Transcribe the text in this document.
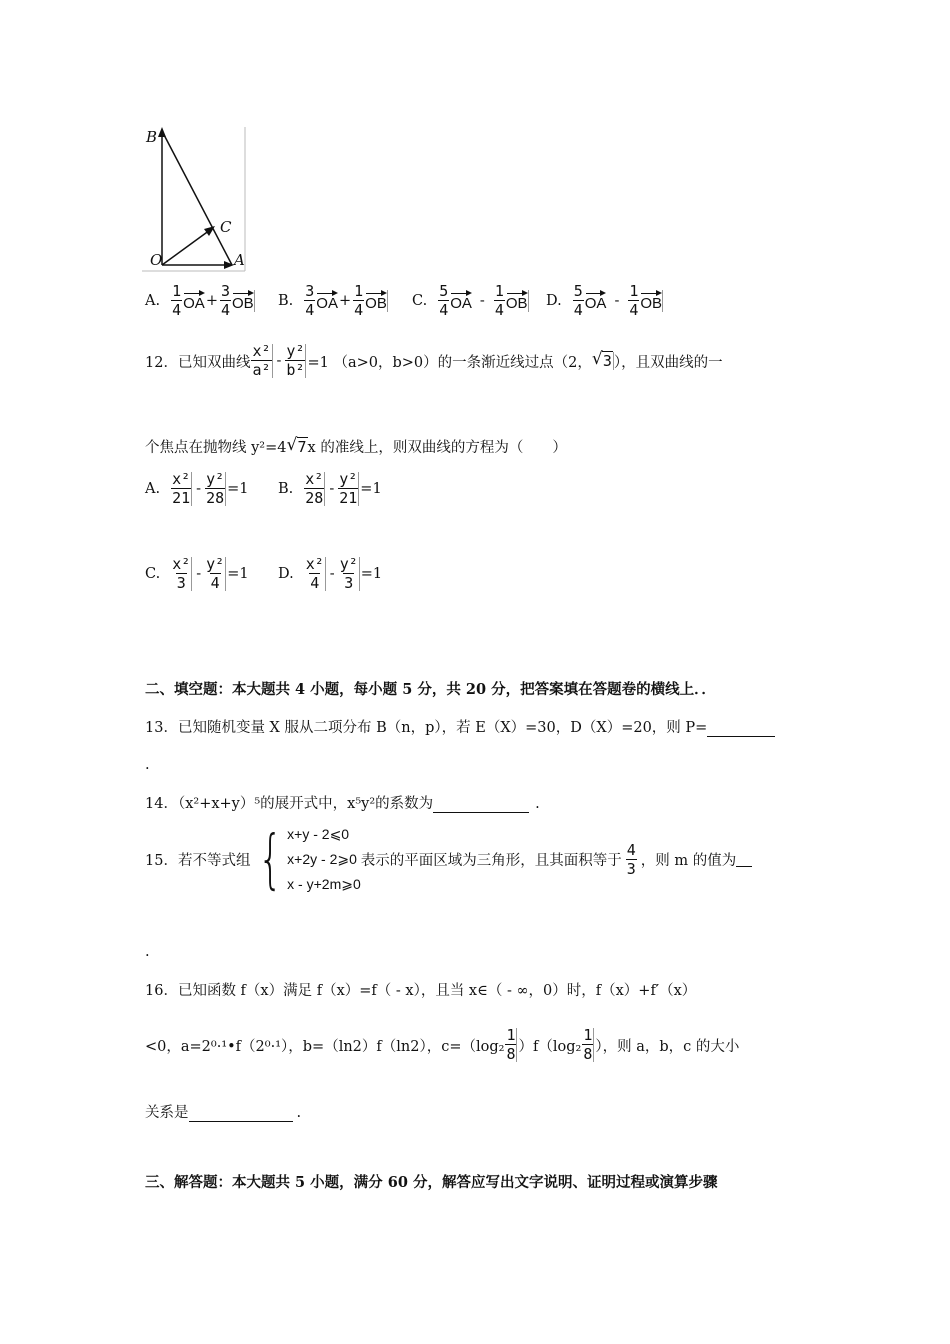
B
C
O	A
A. $\frac{1}{4}$ OA + $\frac{3}{4}$ OB B. $\frac{3}{4}$ OA + $\frac{1}{4}$ OB C. $\frac{5}{4}$ OA - $\frac{1}{4}$ OB D. $\frac{5}{4}$ OA - $\frac{1}{4}$ OB
12．已知双曲线 $\frac{\text{x²}}{\text{a²}} - \frac{\text{y²}}{\text{b²}} =1$ （a>0，b>0）的一条渐近线过点（2， √ 3 ），且双曲线的一
个焦点在抛物线 y²=4 √ 7 x 的准线上，则双曲线的方程为（　　）
A. $\frac{\text{x²}}{21} - \frac{\text{y²}}{28} =1$ B. $\frac{\text{x²}}{28} - \frac{\text{y²}}{21} =1$
C. $\frac{\text{x²}}{3} - \frac{\text{y²}}{4} =1$ D. $\frac{\text{x²}}{4} - \frac{\text{y²}}{3} =1$
二、填空题：本大题共 4 小题，每小题 5 分，共 20 分，把答案填在答题卷的横线上．．
13．已知随机变量 X 服从二项分布 B（n，p），若 E（X）=30，D（X）=20，则 P=
.
14．（x²+x+y）⁵的展开式中，x⁵y²的系数为	.
15．若不等式组 { x+y - 2⩽0
x+2y - 2⩾0
x - y+2m⩾0
表示的平面区域为三角形，且其面积等于 $\frac{4}{3}$ ，则 m 的值为
.
16．已知函数 f（x）满足 f（x）=f（ - x），且当 x∈（ - ∞，0）时，f（x）+f′（x）
<0，a=2⁰·¹•f（2⁰·¹），b=（ln2）f（ln2），$c=(\log_2 \frac{1}{8} )f(\log_2 \frac{1}{8}$ ），则 a，b，c 的大小
关系是	.
三、解答题：本大题共 5 小题，满分 60 分，解答应写出文字说明、证明过程或演算步骤
